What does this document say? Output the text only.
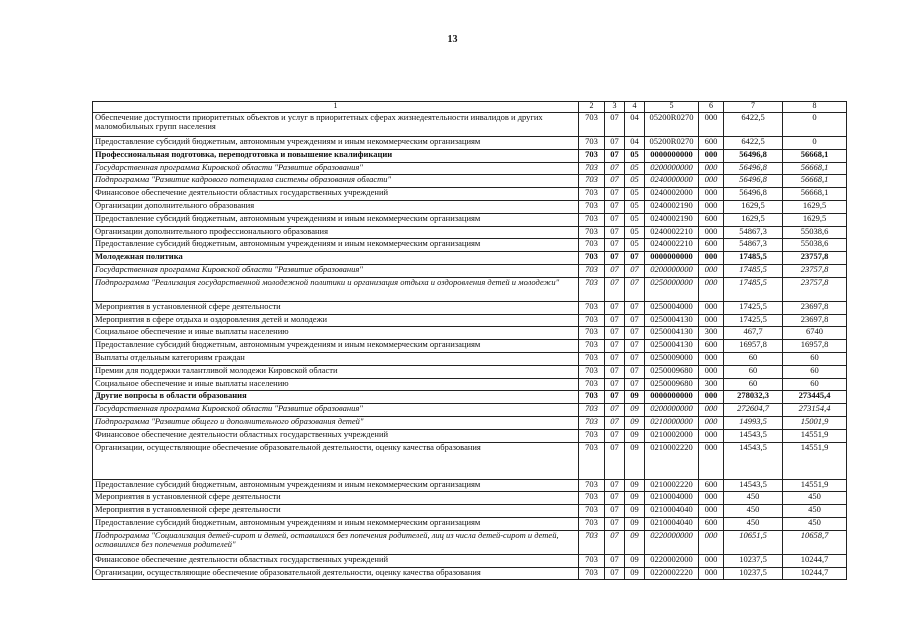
13
1	2	3	4	5	6	7	8
Обеспечение доступности приоритетных объектов и услуг в приоритетных сферах жизнедеятельности инвалидов и других маломобильных групп населения	703	07	04	05200R0270	000	6422,5	0
Предоставление субсидий бюджетным, автономным учреждениям и иным некоммерческим организациям	703	07	04	05200R0270	600	6422,5	0
Профессиональная подготовка, переподготовка и повышение квалификации	703	07	05	0000000000	000	56496,8	56668,1
Государственная программа Кировской области "Развитие образования"	703	07	05	0200000000	000	56496,8	56668,1
Подпрограмма "Развитие кадрового потенциала системы образования области"	703	07	05	0240000000	000	56496,8	56668,1
Финансовое обеспечение деятельности областных государственных учреждений	703	07	05	0240002000	000	56496,8	56668,1
Организации дополнительного образования	703	07	05	0240002190	000	1629,5	1629,5
Предоставление субсидий бюджетным, автономным учреждениям и иным некоммерческим организациям	703	07	05	0240002190	600	1629,5	1629,5
Организации дополнительного профессионального образования	703	07	05	0240002210	000	54867,3	55038,6
Предоставление субсидий бюджетным, автономным учреждениям и иным некоммерческим организациям	703	07	05	0240002210	600	54867,3	55038,6
Молодежная политика	703	07	07	0000000000	000	17485,5	23757,8
Государственная программа Кировской области "Развитие образования"	703	07	07	0200000000	000	17485,5	23757,8
Подпрограмма "Реализация государственной молодежной политики и организация отдыха и оздоровления детей и молодежи"	703	07	07	0250000000	000	17485,5	23757,8
Мероприятия в установленной сфере деятельности	703	07	07	0250004000	000	17425,5	23697,8
Мероприятия в сфере отдыха и оздоровления детей и молодежи	703	07	07	0250004130	000	17425,5	23697,8
Социальное обеспечение и иные выплаты населению	703	07	07	0250004130	300	467,7	6740
Предоставление субсидий бюджетным, автономным учреждениям и иным некоммерческим организациям	703	07	07	0250004130	600	16957,8	16957,8
Выплаты отдельным категориям граждан	703	07	07	0250009000	000	60	60
Премии для поддержки талантливой молодежи Кировской области	703	07	07	0250009680	000	60	60
Социальное обеспечение и иные выплаты населению	703	07	07	0250009680	300	60	60
Другие вопросы в области образования	703	07	09	0000000000	000	278032,3	273445,4
Государственная программа Кировской области "Развитие образования"	703	07	09	0200000000	000	272604,7	273154,4
Подпрограмма "Развитие общего и дополнительного образования детей"	703	07	09	0210000000	000	14993,5	15001,9
Финансовое обеспечение деятельности областных государственных учреждений	703	07	09	0210002000	000	14543,5	14551,9
Организации, осуществляющие обеспечение образовательной деятельности, оценку качества образования	703	07	09	0210002220	000	14543,5	14551,9
Предоставление субсидий бюджетным, автономным учреждениям и иным некоммерческим организациям	703	07	09	0210002220	600	14543,5	14551,9
Мероприятия в установленной сфере деятельности	703	07	09	0210004000	000	450	450
Мероприятия в установленной сфере деятельности	703	07	09	0210004040	000	450	450
Предоставление субсидий бюджетным, автономным учреждениям и иным некоммерческим организациям	703	07	09	0210004040	600	450	450
Подпрограмма "Социализация детей-сирот и детей, оставшихся без попечения родителей, лиц из числа детей-сирот и детей, оставшихся без попечения родителей"	703	07	09	0220000000	000	10651,5	10658,7
Финансовое обеспечение деятельности областных государственных учреждений	703	07	09	0220002000	000	10237,5	10244,7
Организации, осуществляющие обеспечение образовательной деятельности, оценку качества образования	703	07	09	0220002220	000	10237,5	10244,7
